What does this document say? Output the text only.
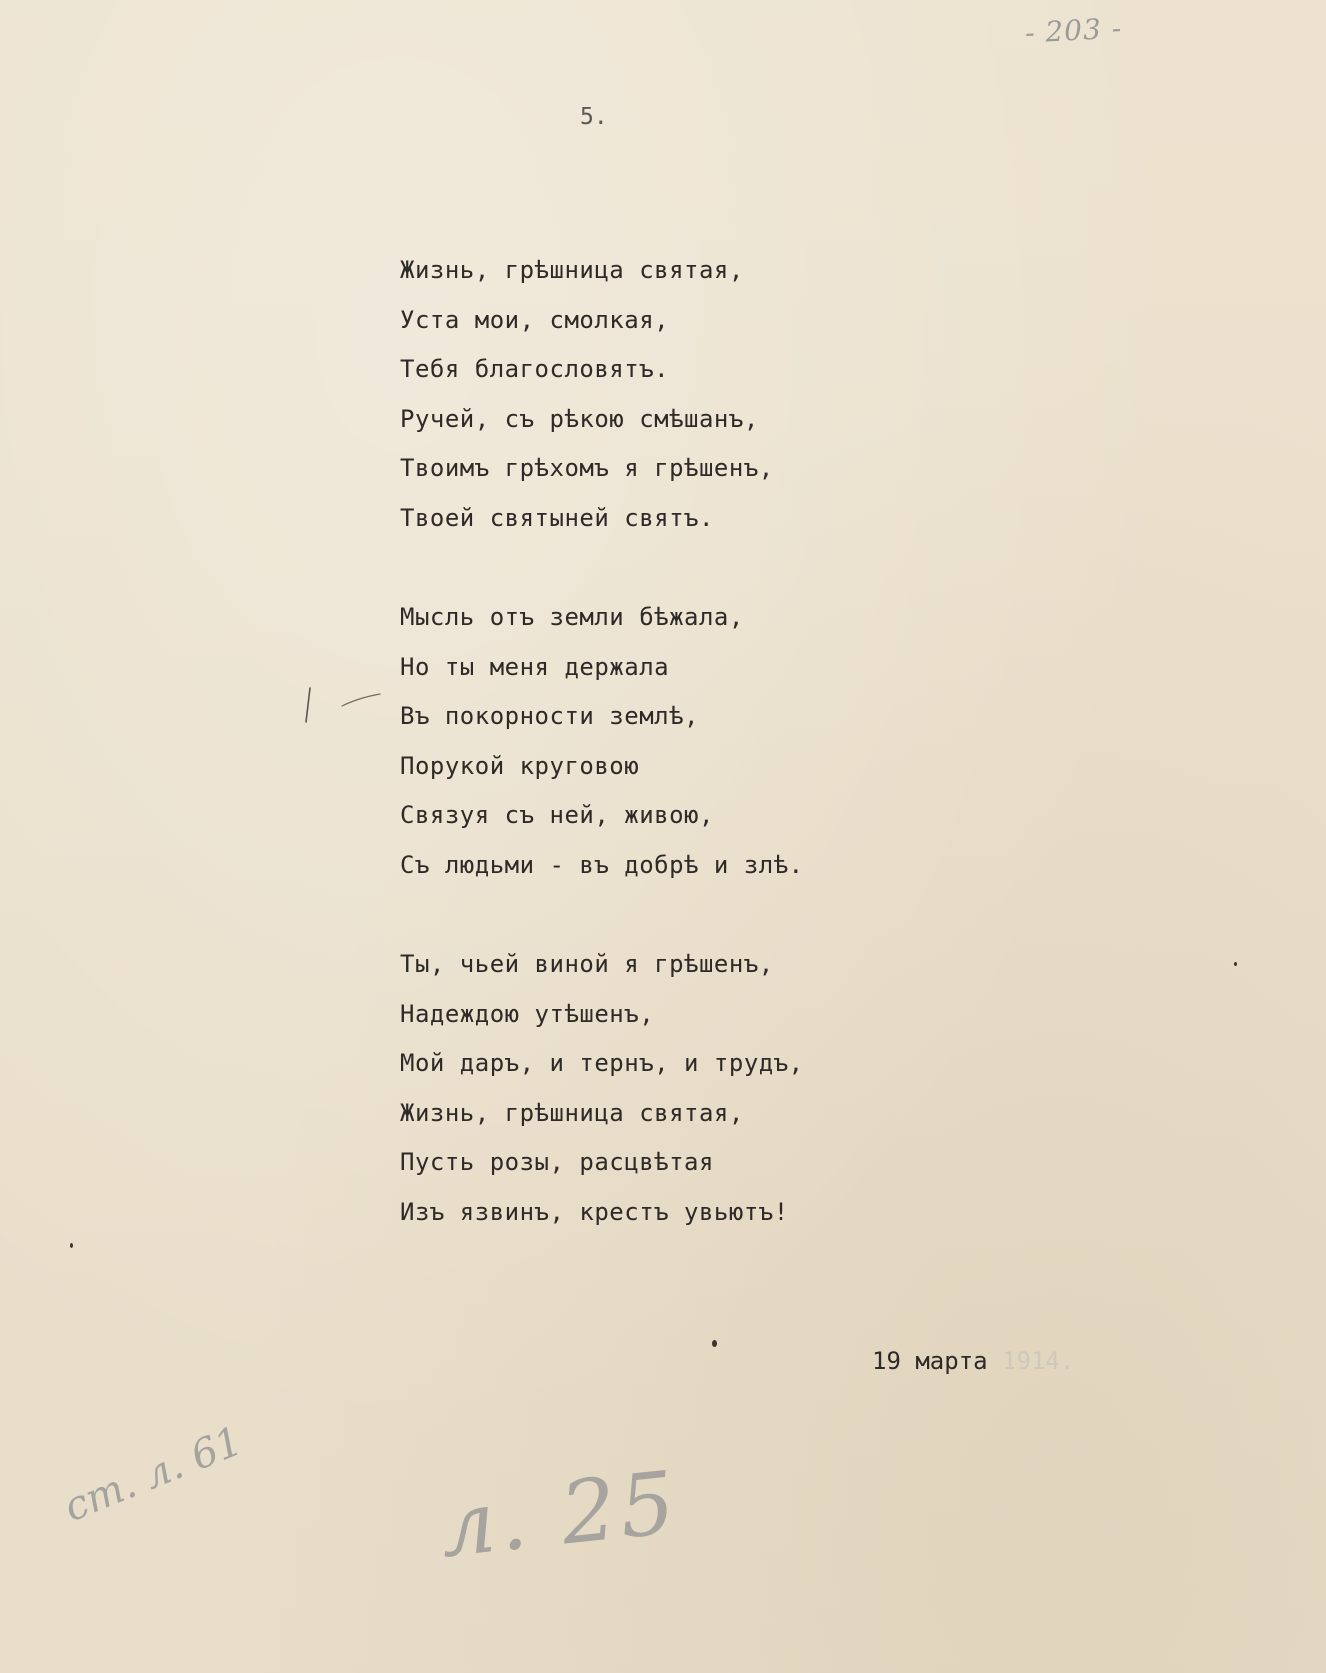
- 203 -
5.
Жизнь, грѣшница святая,
Уста мои, смолкая,
Тебя благословятъ.
Ручей, съ рѣкою смѣшанъ,
Твоимъ грѣхомъ я грѣшенъ,
Твоей святыней святъ.
Мысль отъ земли бѣжала,
Но ты меня держала
Въ покорности землѣ,
Порукой круговою
Связуя съ ней, живою,
Съ людьми - въ добрѣ и злѣ.
Ты, чьей виной я грѣшенъ,
Надеждою утѣшенъ,
Мой даръ, и тернъ, и трудъ,
Жизнь, грѣшница святая,
Пусть розы, расцвѣтая
Изъ язвинъ, крестъ увьютъ!
19 марта 1914.
ст. л. 61 л. 25
